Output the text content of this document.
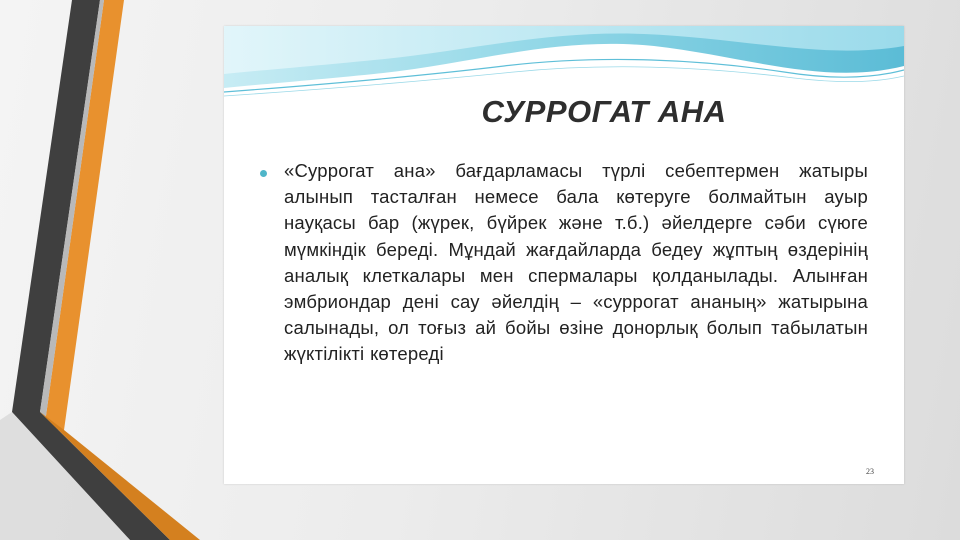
СУРРОГАТ АНА

«Суррогат ана» бағдарламасы түрлі себептермен жатыры алынып тасталған немесе бала көтеруге болмайтын ауыр науқасы бар (жүрек, бүйрек және т.б.) әйелдерге сәби сүюге мүмкіндік береді. Мұндай жағдайларда бедеу жұптың өздерінің аналық клеткалары мен спермалары қолданылады. Алынған эмбриондар дені сау әйелдің – «суррогат ананың» жатырына салынады, ол тоғыз ай бойы өзіне донорлық болып табылатын жүктілікті көтереді

23
